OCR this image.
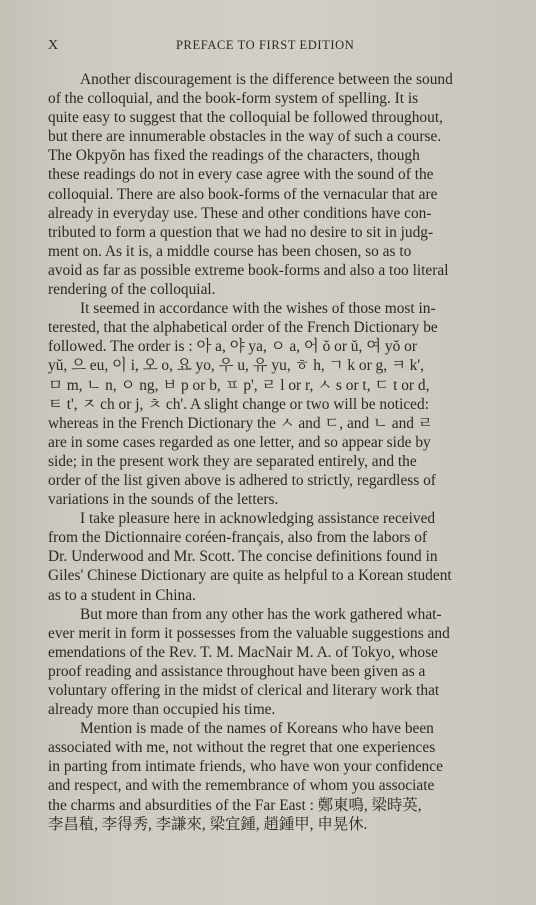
X	PREFACE TO FIRST EDITION
Another discouragement is the difference between the sound
of the colloquial, and the book-form system of spelling. It is
quite easy to suggest that the colloquial be followed throughout,
but there are innumerable obstacles in the way of such a course.
The Okpyŏn has fixed the readings of the characters, though
these readings do not in every case agree with the sound of the
colloquial. There are also book-forms of the vernacular that are
already in everyday use. These and other conditions have con-
tributed to form a question that we had no desire to sit in judg-
ment on. As it is, a middle course has been chosen, so as to
avoid as far as possible extreme book-forms and also a too literal
rendering of the colloquial.
It seemed in accordance with the wishes of those most in-
terested, that the alphabetical order of the French Dictionary be
followed. The order is : 아 a, 야 ya, ㅇ a, 어 ŏ or ŭ, 여 yŏ or
yŭ, 으 eu, 이 i, 오 o, 요 yo, 우 u, 유 yu, ㅎ h, ㄱ k or g, ㅋ k',
ㅁ m, ㄴ n, ㅇ ng, ㅂ p or b, ㅍ p', ㄹ l or r, ㅅ s or t, ㄷ t or d,
ㅌ t', ㅈ ch or j, ㅊ ch'. A slight change or two will be noticed:
whereas in the French Dictionary the ㅅ and ㄷ, and ㄴ and ㄹ
are in some cases regarded as one letter, and so appear side by
side; in the present work they are separated entirely, and the
order of the list given above is adhered to strictly, regardless of
variations in the sounds of the letters.
I take pleasure here in acknowledging assistance received
from the Dictionnaire coréen-français, also from the labors of
Dr. Underwood and Mr. Scott. The concise definitions found in
Giles' Chinese Dictionary are quite as helpful to a Korean student
as to a student in China.
But more than from any other has the work gathered what-
ever merit in form it possesses from the valuable suggestions and
emendations of the Rev. T. M. MacNair M. A. of Tokyo, whose
proof reading and assistance throughout have been given as a
voluntary offering in the midst of clerical and literary work that
already more than occupied his time.
Mention is made of the names of Koreans who have been
associated with me, not without the regret that one experiences
in parting from intimate friends, who have won your confidence
and respect, and with the remembrance of whom you associate
the charms and absurdities of the Far East : 鄭東鳴, 梁時英,
李昌稙, 李得秀, 李謙來, 梁宜鍾, 趙鍾甲, 申晃休.
